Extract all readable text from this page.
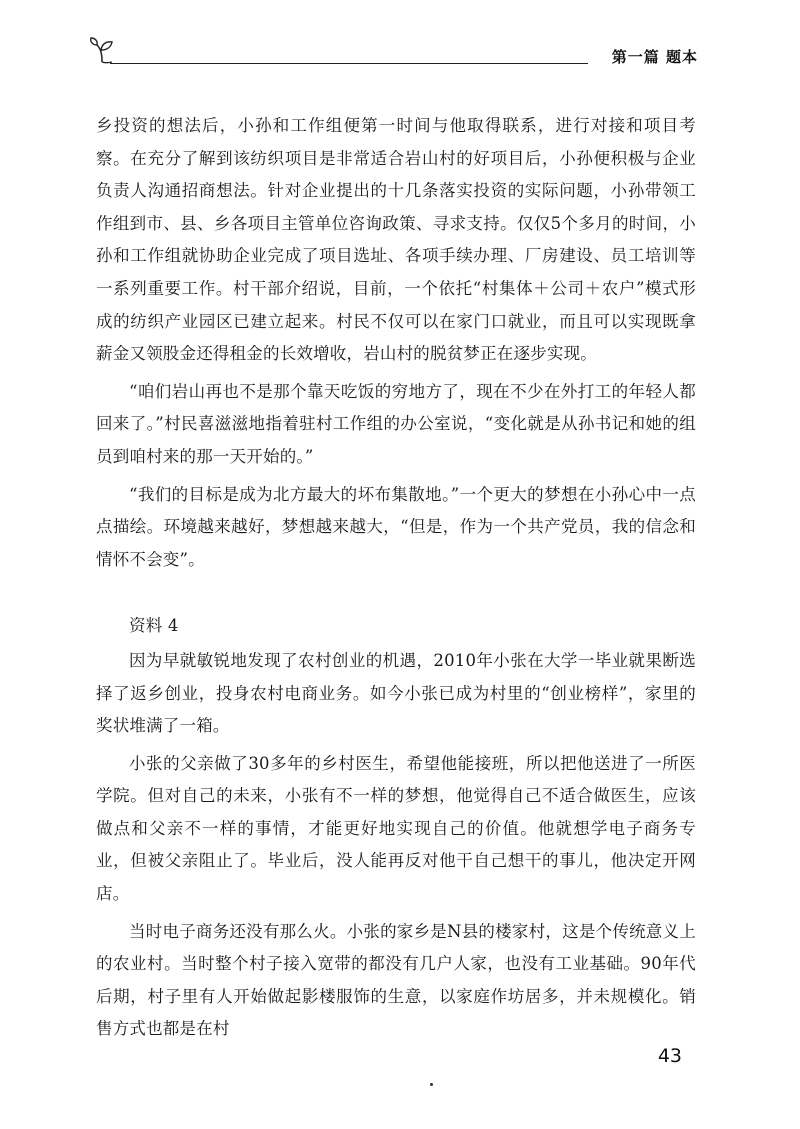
第一篇 题本

乡投资的想法后，小孙和工作组便第一时间与他取得联系，进行对接和项目考察。在充分了解到该纺织项目是非常适合岩山村的好项目后，小孙便积极与企业负责人沟通招商想法。针对企业提出的十几条落实投资的实际问题，小孙带领工作组到市、县、乡各项目主管单位咨询政策、寻求支持。仅仅5个多月的时间，小孙和工作组就协助企业完成了项目选址、各项手续办理、厂房建设、员工培训等一系列重要工作。村干部介绍说，目前，一个依托“村集体＋公司＋农户”模式形成的纺织产业园区已建立起来。村民不仅可以在家门口就业，而且可以实现既拿薪金又领股金还得租金的长效增收，岩山村的脱贫梦正在逐步实现。

“咱们岩山再也不是那个靠天吃饭的穷地方了，现在不少在外打工的年轻人都回来了。”村民喜滋滋地指着驻村工作组的办公室说，“变化就是从孙书记和她的组员到咱村来的那一天开始的。”

“我们的目标是成为北方最大的坏布集散地。”一个更大的梦想在小孙心中一点点描绘。环境越来越好，梦想越来越大，“但是，作为一个共产党员，我的信念和情怀不会变”。

资料 4

因为早就敏锐地发现了农村创业的机遇，2010年小张在大学一毕业就果断选择了返乡创业，投身农村电商业务。如今小张已成为村里的“创业榜样”，家里的奖状堆满了一箱。

小张的父亲做了30多年的乡村医生，希望他能接班，所以把他送进了一所医学院。但对自己的未来，小张有不一样的梦想，他觉得自己不适合做医生，应该做点和父亲不一样的事情，才能更好地实现自己的价值。他就想学电子商务专业，但被父亲阻止了。毕业后，没人能再反对他干自己想干的事儿，他决定开网店。

当时电子商务还没有那么火。小张的家乡是N县的楼家村，这是个传统意义上的农业村。当时整个村子接入宽带的都没有几户人家，也没有工业基础。90年代后期，村子里有人开始做起影楼服饰的生意，以家庭作坊居多，并未规模化。销售方式也都是在村

43
